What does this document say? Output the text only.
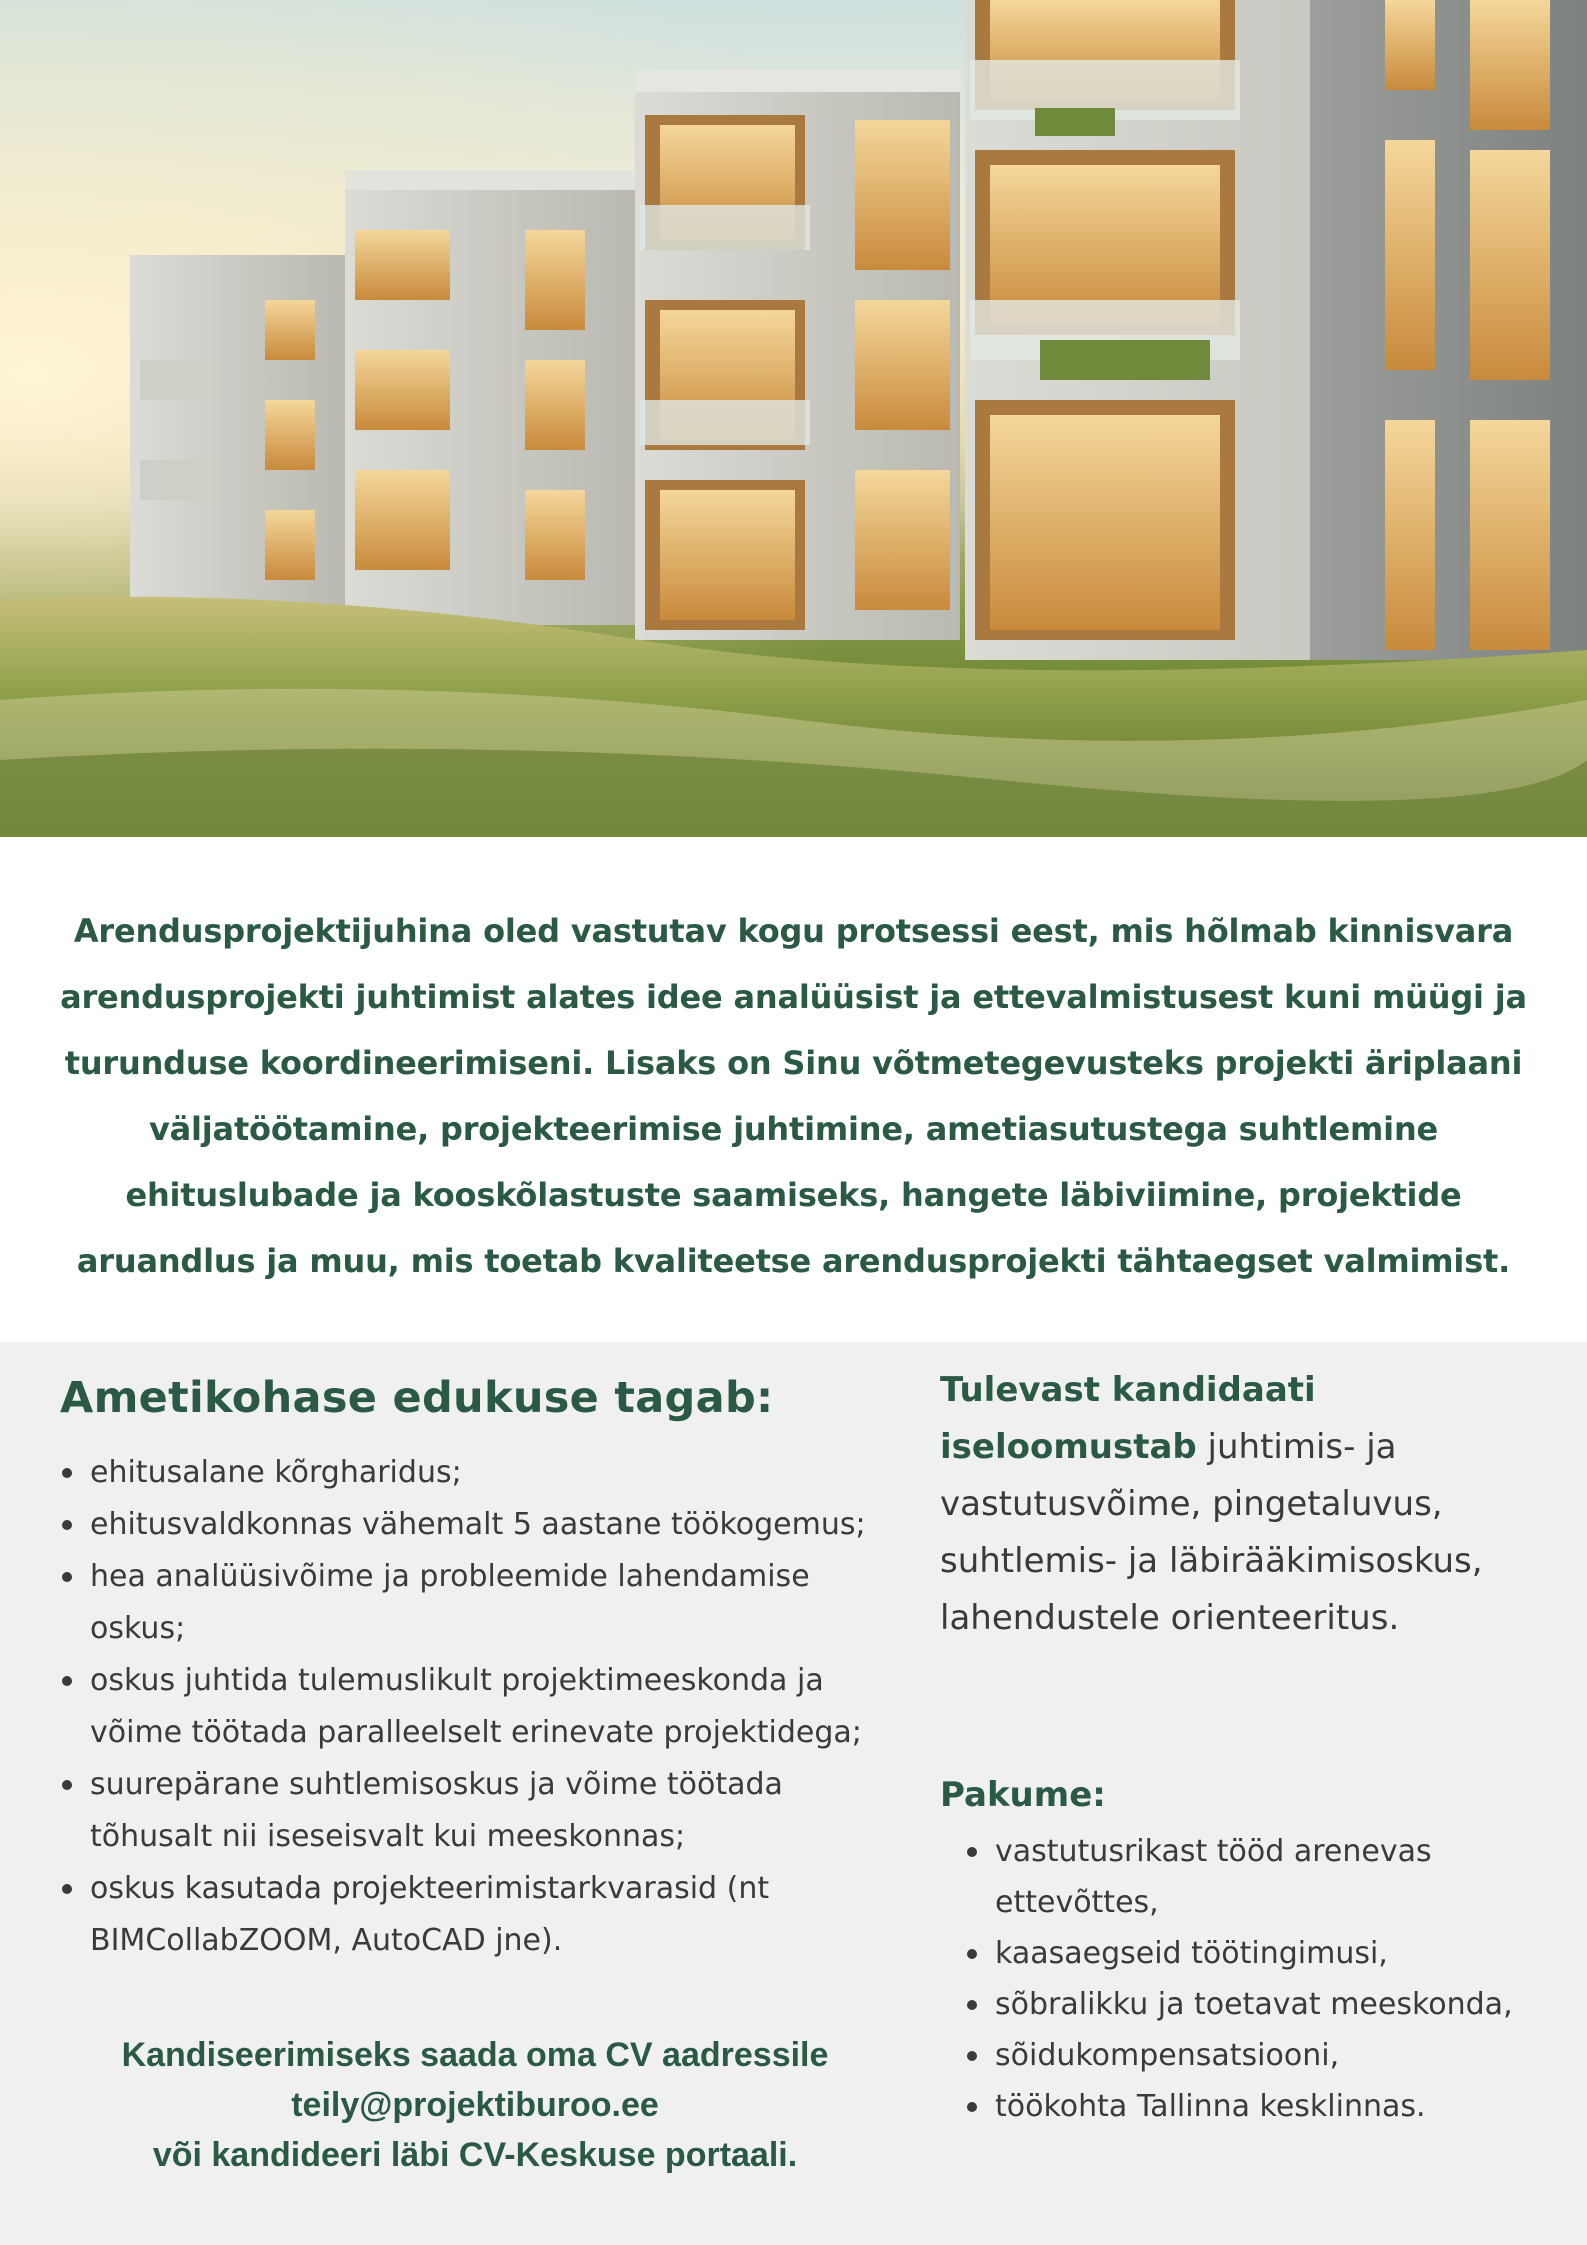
Arendusprojektijuhina oled vastutav kogu protsessi eest, mis hõlmab kinnisvara arendusprojekti juhtimist alates idee analüüsist ja ettevalmistusest kuni müügi ja turunduse koordineerimiseni. Lisaks on Sinu võtmetegevusteks projekti äriplaani väljatöötamine, projekteerimise juhtimine, ametiasutustega suhtlemine ehituslubade ja kooskõlastuste saamiseks, hangete läbiviimine, projektide aruandlus ja muu, mis toetab kvaliteetse arendusprojekti tähtaegset valmimist.

Ametikohase edukuse tagab:
ehitusalane kõrgharidus;
ehitusvaldkonnas vähemalt 5 aastane töökogemus;
hea analüüsivõime ja probleemide lahendamise oskus;
oskus juhtida tulemuslikult projektimeeskonda ja võime töötada paralleelselt erinevate projektidega;
suurepärane suhtlemisoskus ja võime töötada tõhusalt nii iseseisvalt kui meeskonnas;
oskus kasutada projekteerimistarkvarasid (nt BIMCollabZOOM, AutoCAD jne).

Kandiseerimiseks saada oma CV aadressile
teily@projektiburoo.ee
või kandideeri läbi CV-Keskuse portaali.

Tulevast kandidaati iseloomustab juhtimis- ja vastutusvõime, pingetaluvus, suhtlemis- ja läbirääkimisoskus, lahendustele orienteeritus.

Pakume:
vastutusrikast tööd arenevas ettevõttes,
kaasaegseid töötingimusi,
sõbralikku ja toetavat meeskonda,
sõidukompensatsiooni,
töökohta Tallinna kesklinnas.
